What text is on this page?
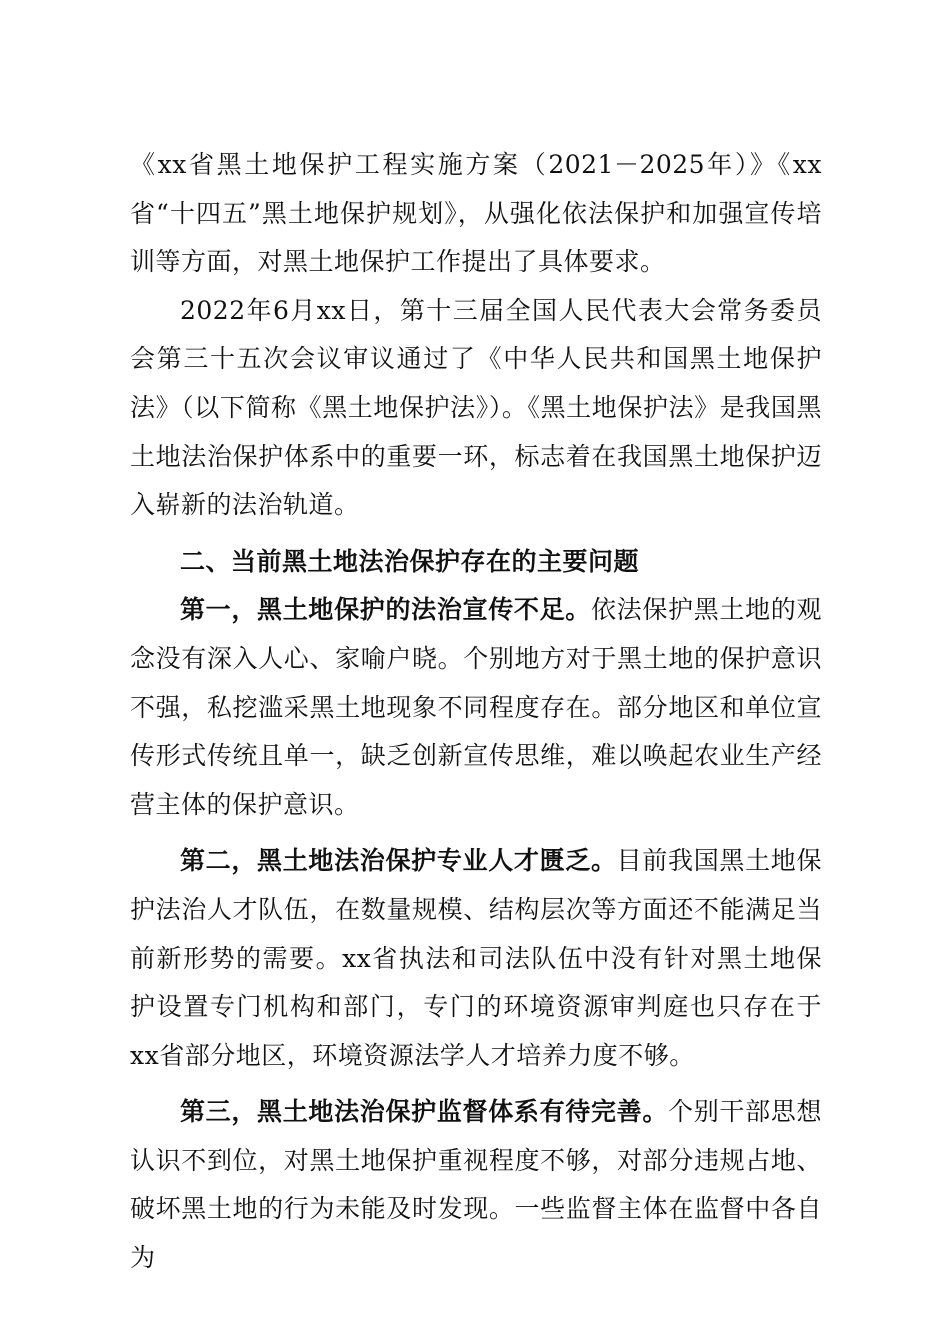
《xx省黑土地保护工程实施方案（2021－2025年）》《xx省“十四五”黑土地保护规划》，从强化依法保护和加强宣传培训等方面，对黑土地保护工作提出了具体要求。

2022年6月xx日，第十三届全国人民代表大会常务委员会第三十五次会议审议通过了《中华人民共和国黑土地保护法》（以下简称《黑土地保护法》）。《黑土地保护法》是我国黑土地法治保护体系中的重要一环，标志着在我国黑土地保护迈入崭新的法治轨道。

二、当前黑土地法治保护存在的主要问题

第一，黑土地保护的法治宣传不足。依法保护黑土地的观念没有深入人心、家喻户晓。个别地方对于黑土地的保护意识不强，私挖滥采黑土地现象不同程度存在。部分地区和单位宣传形式传统且单一，缺乏创新宣传思维，难以唤起农业生产经营主体的保护意识。

第二，黑土地法治保护专业人才匮乏。目前我国黑土地保护法治人才队伍，在数量规模、结构层次等方面还不能满足当前新形势的需要。xx省执法和司法队伍中没有针对黑土地保护设置专门机构和部门，专门的环境资源审判庭也只存在于xx省部分地区，环境资源法学人才培养力度不够。

第三，黑土地法治保护监督体系有待完善。个别干部思想认识不到位，对黑土地保护重视程度不够，对部分违规占地、破坏黑土地的行为未能及时发现。一些监督主体在监督中各自为
